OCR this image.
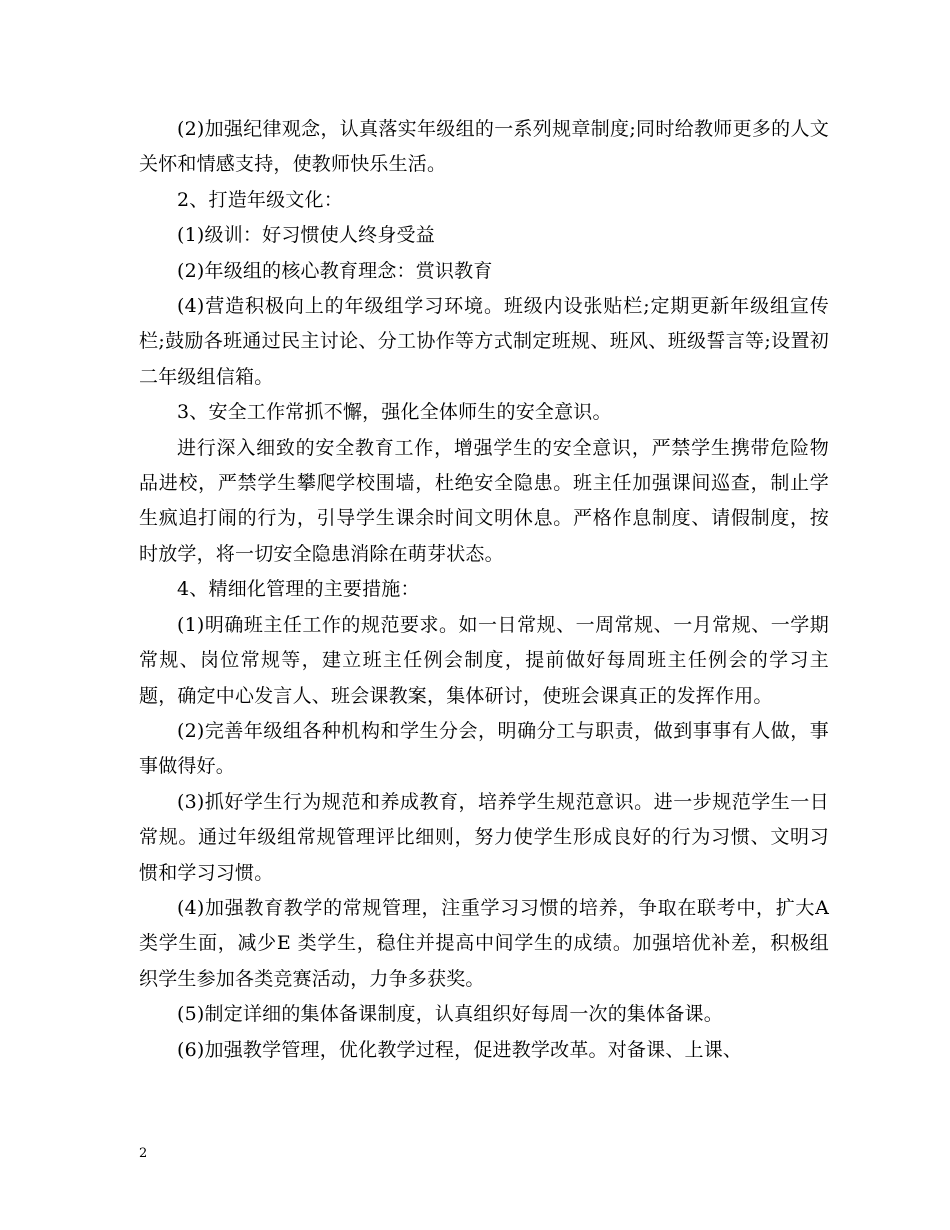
(2)加强纪律观念，认真落实年级组的一系列规章制度;同时给教师更多的人文关怀和情感支持，使教师快乐生活。

2、打造年级文化：

(1)级训：好习惯使人终身受益

(2)年级组的核心教育理念：赏识教育

(4)营造积极向上的年级组学习环境。班级内设张贴栏;定期更新年级组宣传栏;鼓励各班通过民主讨论、分工协作等方式制定班规、班风、班级誓言等;设置初二年级组信箱。

3、安全工作常抓不懈，强化全体师生的安全意识。

进行深入细致的安全教育工作，增强学生的安全意识，严禁学生携带危险物品进校，严禁学生攀爬学校围墙，杜绝安全隐患。班主任加强课间巡查，制止学生疯追打闹的行为，引导学生课余时间文明休息。严格作息制度、请假制度，按时放学，将一切安全隐患消除在萌芽状态。

4、精细化管理的主要措施：

(1)明确班主任工作的规范要求。如一日常规、一周常规、一月常规、一学期常规、岗位常规等，建立班主任例会制度，提前做好每周班主任例会的学习主题，确定中心发言人、班会课教案，集体研讨，使班会课真正的发挥作用。

(2)完善年级组各种机构和学生分会，明确分工与职责，做到事事有人做，事事做得好。

(3)抓好学生行为规范和养成教育，培养学生规范意识。进一步规范学生一日常规。通过年级组常规管理评比细则，努力使学生形成良好的行为习惯、文明习惯和学习习惯。

(4)加强教育教学的常规管理，注重学习习惯的培养，争取在联考中，扩大A类学生面，减少E 类学生，稳住并提高中间学生的成绩。加强培优补差，积极组织学生参加各类竞赛活动，力争多获奖。

(5)制定详细的集体备课制度，认真组织好每周一次的集体备课。

(6)加强教学管理，优化教学过程，促进教学改革。对备课、上课、

2
